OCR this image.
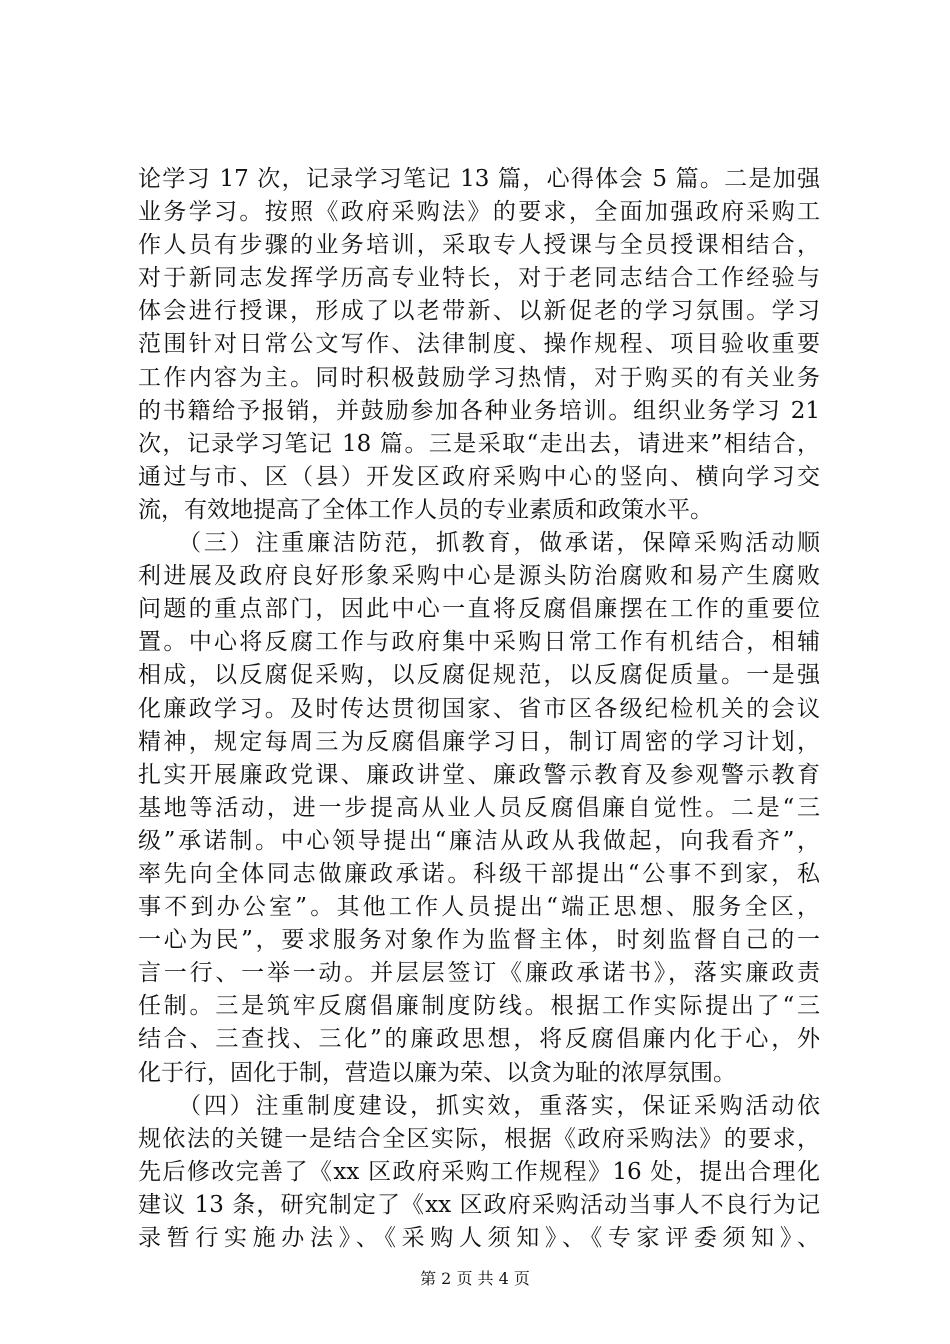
论学习 17 次，记录学习笔记 13 篇，心得体会 5 篇。二是加强
业务学习。按照《政府采购法》的要求，全面加强政府采购工
作人员有步骤的业务培训，采取专人授课与全员授课相结合，
对于新同志发挥学历高专业特长，对于老同志结合工作经验与
体会进行授课，形成了以老带新、以新促老的学习氛围。学习
范围针对日常公文写作、法律制度、操作规程、项目验收重要
工作内容为主。同时积极鼓励学习热情，对于购买的有关业务
的书籍给予报销，并鼓励参加各种业务培训。组织业务学习 21
次，记录学习笔记 18 篇。三是采取“走出去，请进来”相结合，
通过与市、区（县）开发区政府采购中心的竖向、横向学习交
流，有效地提高了全体工作人员的专业素质和政策水平。
　　（三）注重廉洁防范，抓教育，做承诺，保障采购活动顺
利进展及政府良好形象采购中心是源头防治腐败和易产生腐败
问题的重点部门，因此中心一直将反腐倡廉摆在工作的重要位
置。中心将反腐工作与政府集中采购日常工作有机结合，相辅
相成，以反腐促采购，以反腐促规范，以反腐促质量。一是强
化廉政学习。及时传达贯彻国家、省市区各级纪检机关的会议
精神，规定每周三为反腐倡廉学习日，制订周密的学习计划，
扎实开展廉政党课、廉政讲堂、廉政警示教育及参观警示教育
基地等活动，进一步提高从业人员反腐倡廉自觉性。二是“三
级”承诺制。中心领导提出“廉洁从政从我做起，向我看齐”，
率先向全体同志做廉政承诺。科级干部提出“公事不到家，私
事不到办公室”。其他工作人员提出“端正思想、服务全区，
一心为民”，要求服务对象作为监督主体，时刻监督自己的一
言一行、一举一动。并层层签订《廉政承诺书》，落实廉政责
任制。三是筑牢反腐倡廉制度防线。根据工作实际提出了“三
结合、三查找、三化”的廉政思想，将反腐倡廉内化于心，外
化于行，固化于制，营造以廉为荣、以贪为耻的浓厚氛围。
　　（四）注重制度建设，抓实效，重落实，保证采购活动依
规依法的关键一是结合全区实际，根据《政府采购法》的要求，
先后修改完善了《xx 区政府采购工作规程》16 处，提出合理化
建议 13 条，研究制定了《xx 区政府采购活动当事人不良行为记
录暂行实施办法》、《采购人须知》、《专家评委须知》、
第 2 页 共 4 页
